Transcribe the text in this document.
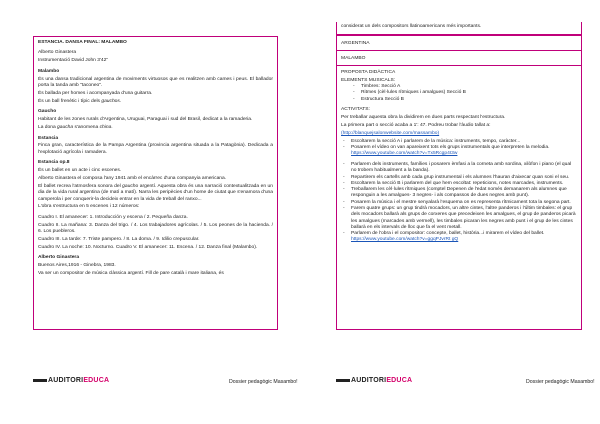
ESTANCIA. DANSA FINAL: MALAMBO
Alberto Ginastera
Instrumentació David John 3'42"
Malambo
És una dansa tradicional argentina de moviments virtuosos que es realitzen amb cames i peus. El ballador porta la tanda amb "taconeo".
És ballada per homes i acompanyada d'una guitarra.
És un ball frenètic i típic dels gauchos.
Gaucho
Habitant de les zones rurals d'Argentina, Uruguai, Paraguai i sud del Brasil, dedicat a la ramaderia.
La dona gaucha s'anomena china.
Estancia
Finca gran, característica de la Pampa Argentina (provincia argentina situada a la Patagònia). Dedicada a l'explotació agrícola i ramadera.
Estancia op.8
És un ballet en un acte i cinc escenes.
Alberto Ginastera el composa l'any 1941 amb el encàrrec d'una companyia americana.
El ballet recrea l'atmosfera sonora del gaucho argentí. Aquesta obra és una narració contextualitzada en un dia de la vida rural argentina (de matí a matí). Narra les peripècies d'un home de ciutat que s'enamora d'una camperola i per conquerir-la decideix entrar en la vida de treball del ranxo...
L'obra s'estructura en 5 escenes i 12 números:
Cuadro I. El amanecer: 1. Introducción y escena / 2. Pequeña danza.
Cuadro II. La mañana: 3. Danza del trigo. / 4. Los trabajadores agrícolas. / 5. Los peones de la hacienda. / 6. Los puebleros.
Cuadro III. La tarde: 7. Triste pampero. / 8. La doma. / 9. Idilio crepuscular.
Cuadro IV. La noche: 10. Nocturno. Cuadro V. El amanecer: 11. Escena. / 12. Danza final (Malambo).
Alberto Ginastera
Buenos Aires,1916 - Ginebra, 1983.
Va ser un compositor de música clàssica argentí. Fill de pare català i mare italiana, és
AUDITORIEDUCA	Dossier pedagògic Masambo!
considerat un dels compositors llatinoamericans més importants.
ARGENTINA
MALAMBO
PROPOSTA DIDÀCTICA
ELEMENTS MUSICALS:
- Timbres: Secció A
- Ritmes (cèl·lules rítmiques i amalgues) Secció B
- Estructura Secció B
ACTIVITATS:
Per treballar aquesta obra la dividirem en dues parts respectant l'estructura.
La primera part o secció acaba a 1': 47. Podreu trobar l'àudio tallat a:
(http://blanquejsalonwebsite.com/massambo)
- Escoltarem la secció A i parlarem de la música: instruments, tempo, caràcter...
- Posarem el vídeo on van apareixent tots els grups instrumentals que interpreten la melodia.
https://www.youtube.com/watch?v=Tx5Rcgp4I3w
- Parlarem dels instruments, famílies i posarem èmfasi a la corneta amb sordina, xilòfon i piano (el qual no trobem habitualment a la banda).
- Repartirem els cartells amb cada grup instrumental i els alumnes l'hauran d'aixecar quan soni el seu.
- Escoltarem la secció B i parlarem del que hem escoltat: repeticions, notes marcades, instruments.
- Treballarem les cèl·lules rítmiques (comptel Depenen de l'edat només demanarem als alumnes que responguin a les amalgues- 3 negres- i als compassos de dues negres amb punt).
- Posarem la música i el mestre senyalarà l'esquema on es representa rítmicament tota la segona part.
- Farem quatre grups: un grup tindrà mocadors, un altre cintes, l'altre panderos i l'últim timbales: el grup dels mocadors ballarà als grups de corxeres que precedeixen les amalgues, el grup de panderos picarà les amalgues (marcades amb vermell), les timbales picaran les negres amb punt i el grup de les cintes ballarà en els intervals de lloc que fa el vent metall.
- Parlarem de l'obra i el compositor: concepte, ballet, història...i mirarem el vídeo del ballet.
https://www.youtube.com/watch?v=ggqPJvrRt gQ
AUDITORIEDUCA	Dossier pedagògic Masambo!
